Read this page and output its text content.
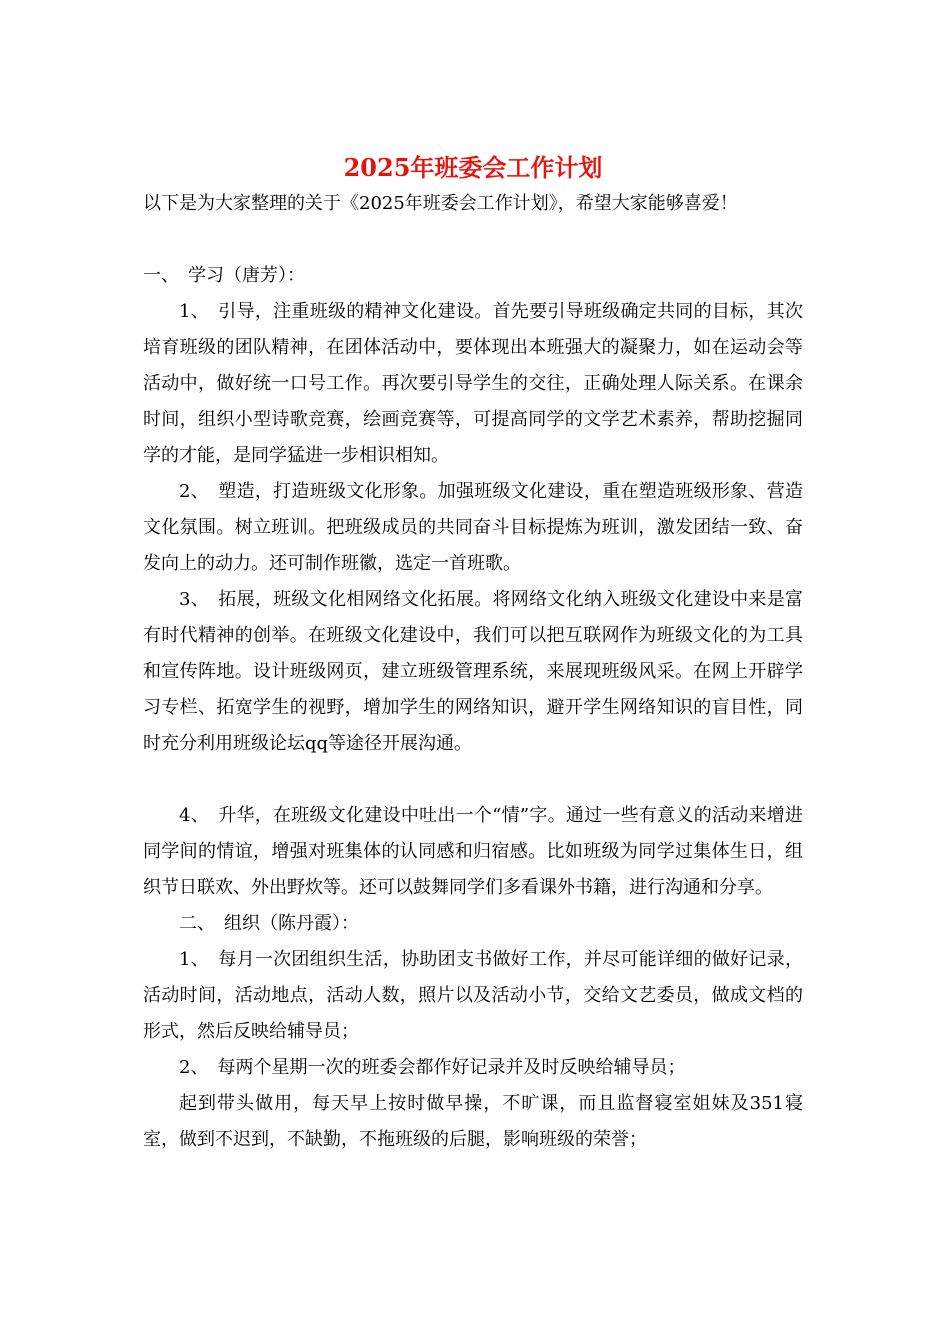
2025年班委会工作计划

以下是为大家整理的关于《2025年班委会工作计划》，希望大家能够喜爱！

一、　学习（唐芳）：

1、　引导，注重班级的精神文化建设。首先要引导班级确定共同的目标，其次培育班级的团队精神，在团体活动中，要体现出本班强大的凝聚力，如在运动会等活动中，做好统一口号工作。再次要引导学生的交往，正确处理人际关系。在课余时间，组织小型诗歌竞赛，绘画竞赛等，可提高同学的文学艺术素养，帮助挖掘同学的才能，是同学猛进一步相识相知。

2、　塑造，打造班级文化形象。加强班级文化建设，重在塑造班级形象、营造文化氛围。树立班训。把班级成员的共同奋斗目标提炼为班训，激发团结一致、奋发向上的动力。还可制作班徽，选定一首班歌。

3、　拓展，班级文化相网络文化拓展。将网络文化纳入班级文化建设中来是富有时代精神的创举。在班级文化建设中，我们可以把互联网作为班级文化的为工具和宣传阵地。设计班级网页，建立班级管理系统，来展现班级风采。在网上开辟学习专栏、拓宽学生的视野，增加学生的网络知识，避开学生网络知识的盲目性，同时充分利用班级论坛qq等途径开展沟通。

4、　升华，在班级文化建设中吐出一个“情”字。通过一些有意义的活动来增进同学间的情谊，增强对班集体的认同感和归宿感。比如班级为同学过集体生日，组织节日联欢、外出野炊等。还可以鼓舞同学们多看课外书籍，进行沟通和分享。

二、　组织（陈丹霞）：

1、　每月一次团组织生活，协助团支书做好工作，并尽可能详细的做好记录，活动时间，活动地点，活动人数，照片以及活动小节，交给文艺委员，做成文档的形式，然后反映给辅导员；

2、　每两个星期一次的班委会都作好记录并及时反映给辅导员；

起到带头做用，每天早上按时做早操，不旷课，而且监督寝室姐妹及351寝室，做到不迟到，不缺勤，不拖班级的后腿，影响班级的荣誉；
